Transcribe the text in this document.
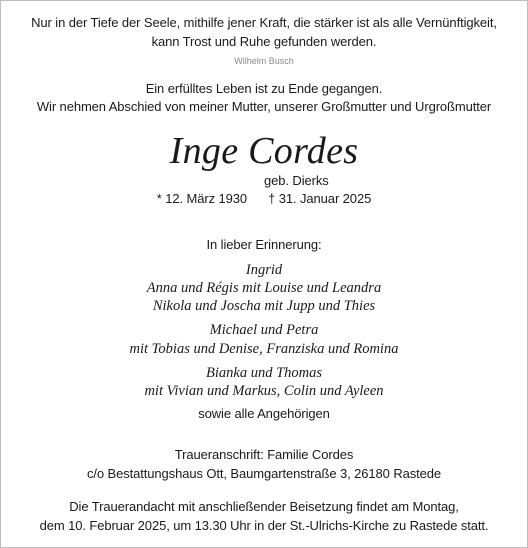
Nur in der Tiefe der Seele, mithilfe jener Kraft, die stärker ist als alle Vernünftigkeit,
kann Trost und Ruhe gefunden werden.
Wilhelm Busch
Ein erfülltes Leben ist zu Ende gegangen.
Wir nehmen Abschied von meiner Mutter, unserer Großmutter und Urgroßmutter
Inge Cordes
geb. Dierks
* 12. März 1930 † 31. Januar 2025
In lieber Erinnerung:
Ingrid
Anna und Régis mit Louise und Leandra
Nikola und Joscha mit Jupp und Thies
Michael und Petra
mit Tobias und Denise, Franziska und Romina
Bianka und Thomas
mit Vivian und Markus, Colin und Ayleen
sowie alle Angehörigen
Traueranschrift: Familie Cordes
c/o Bestattungshaus Ott, Baumgartenstraße 3, 26180 Rastede
Die Trauerandacht mit anschließender Beisetzung findet am Montag,
dem 10. Februar 2025, um 13.30 Uhr in der St.-Ulrichs-Kirche zu Rastede statt.
